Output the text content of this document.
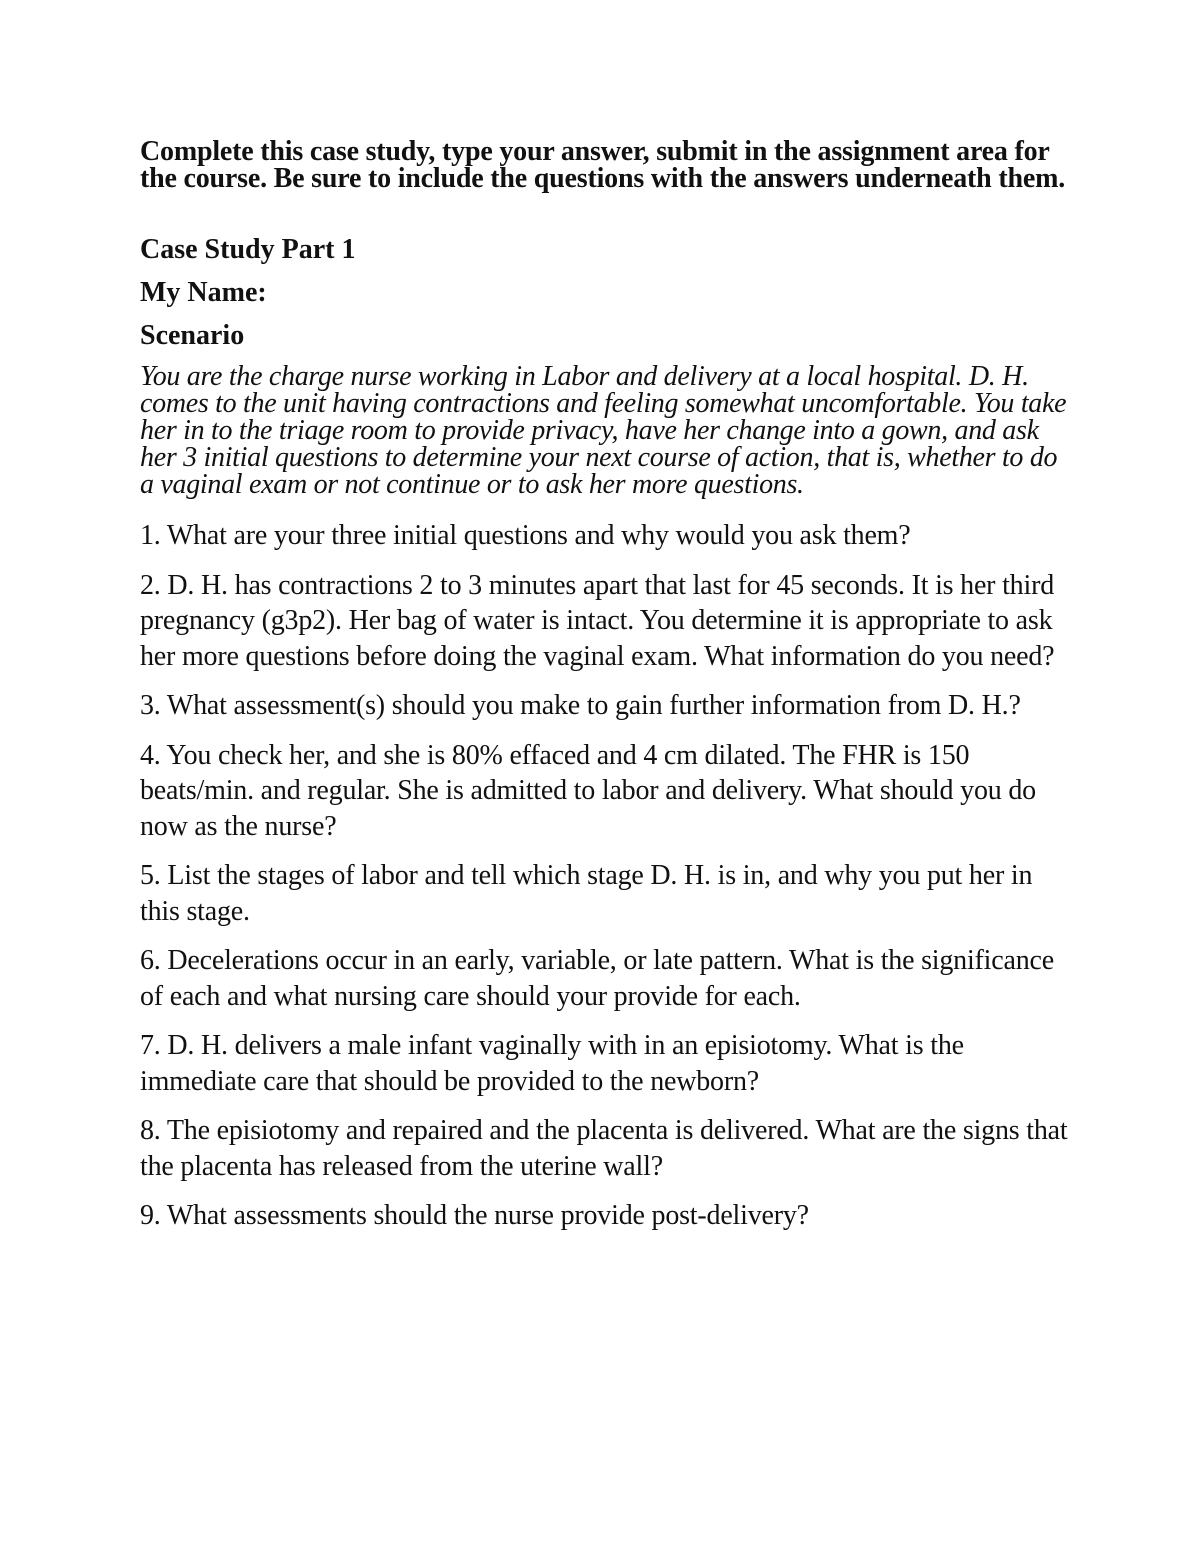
Complete this case study, type your answer, submit in the assignment area for the course. Be sure to include the questions with the answers underneath them.

Case Study Part 1

My Name:

Scenario

You are the charge nurse working in Labor and delivery at a local hospital. D. H. comes to the unit having contractions and feeling somewhat uncomfortable. You take her in to the triage room to provide privacy, have her change into a gown, and ask her 3 initial questions to determine your next course of action, that is, whether to do a vaginal exam or not continue or to ask her more questions.

1. What are your three initial questions and why would you ask them?

2. D. H. has contractions 2 to 3 minutes apart that last for 45 seconds. It is her third pregnancy (g3p2). Her bag of water is intact. You determine it is appropriate to ask her more questions before doing the vaginal exam. What information do you need?

3. What assessment(s) should you make to gain further information from D. H.?

4. You check her, and she is 80% effaced and 4 cm dilated. The FHR is 150 beats/min. and regular. She is admitted to labor and delivery. What should you do now as the nurse?

5. List the stages of labor and tell which stage D. H. is in, and why you put her in this stage.

6. Decelerations occur in an early, variable, or late pattern. What is the significance of each and what nursing care should your provide for each.

7. D. H. delivers a male infant vaginally with in an episiotomy. What is the immediate care that should be provided to the newborn?

8. The episiotomy and repaired and the placenta is delivered. What are the signs that the placenta has released from the uterine wall?

9. What assessments should the nurse provide post-delivery?
